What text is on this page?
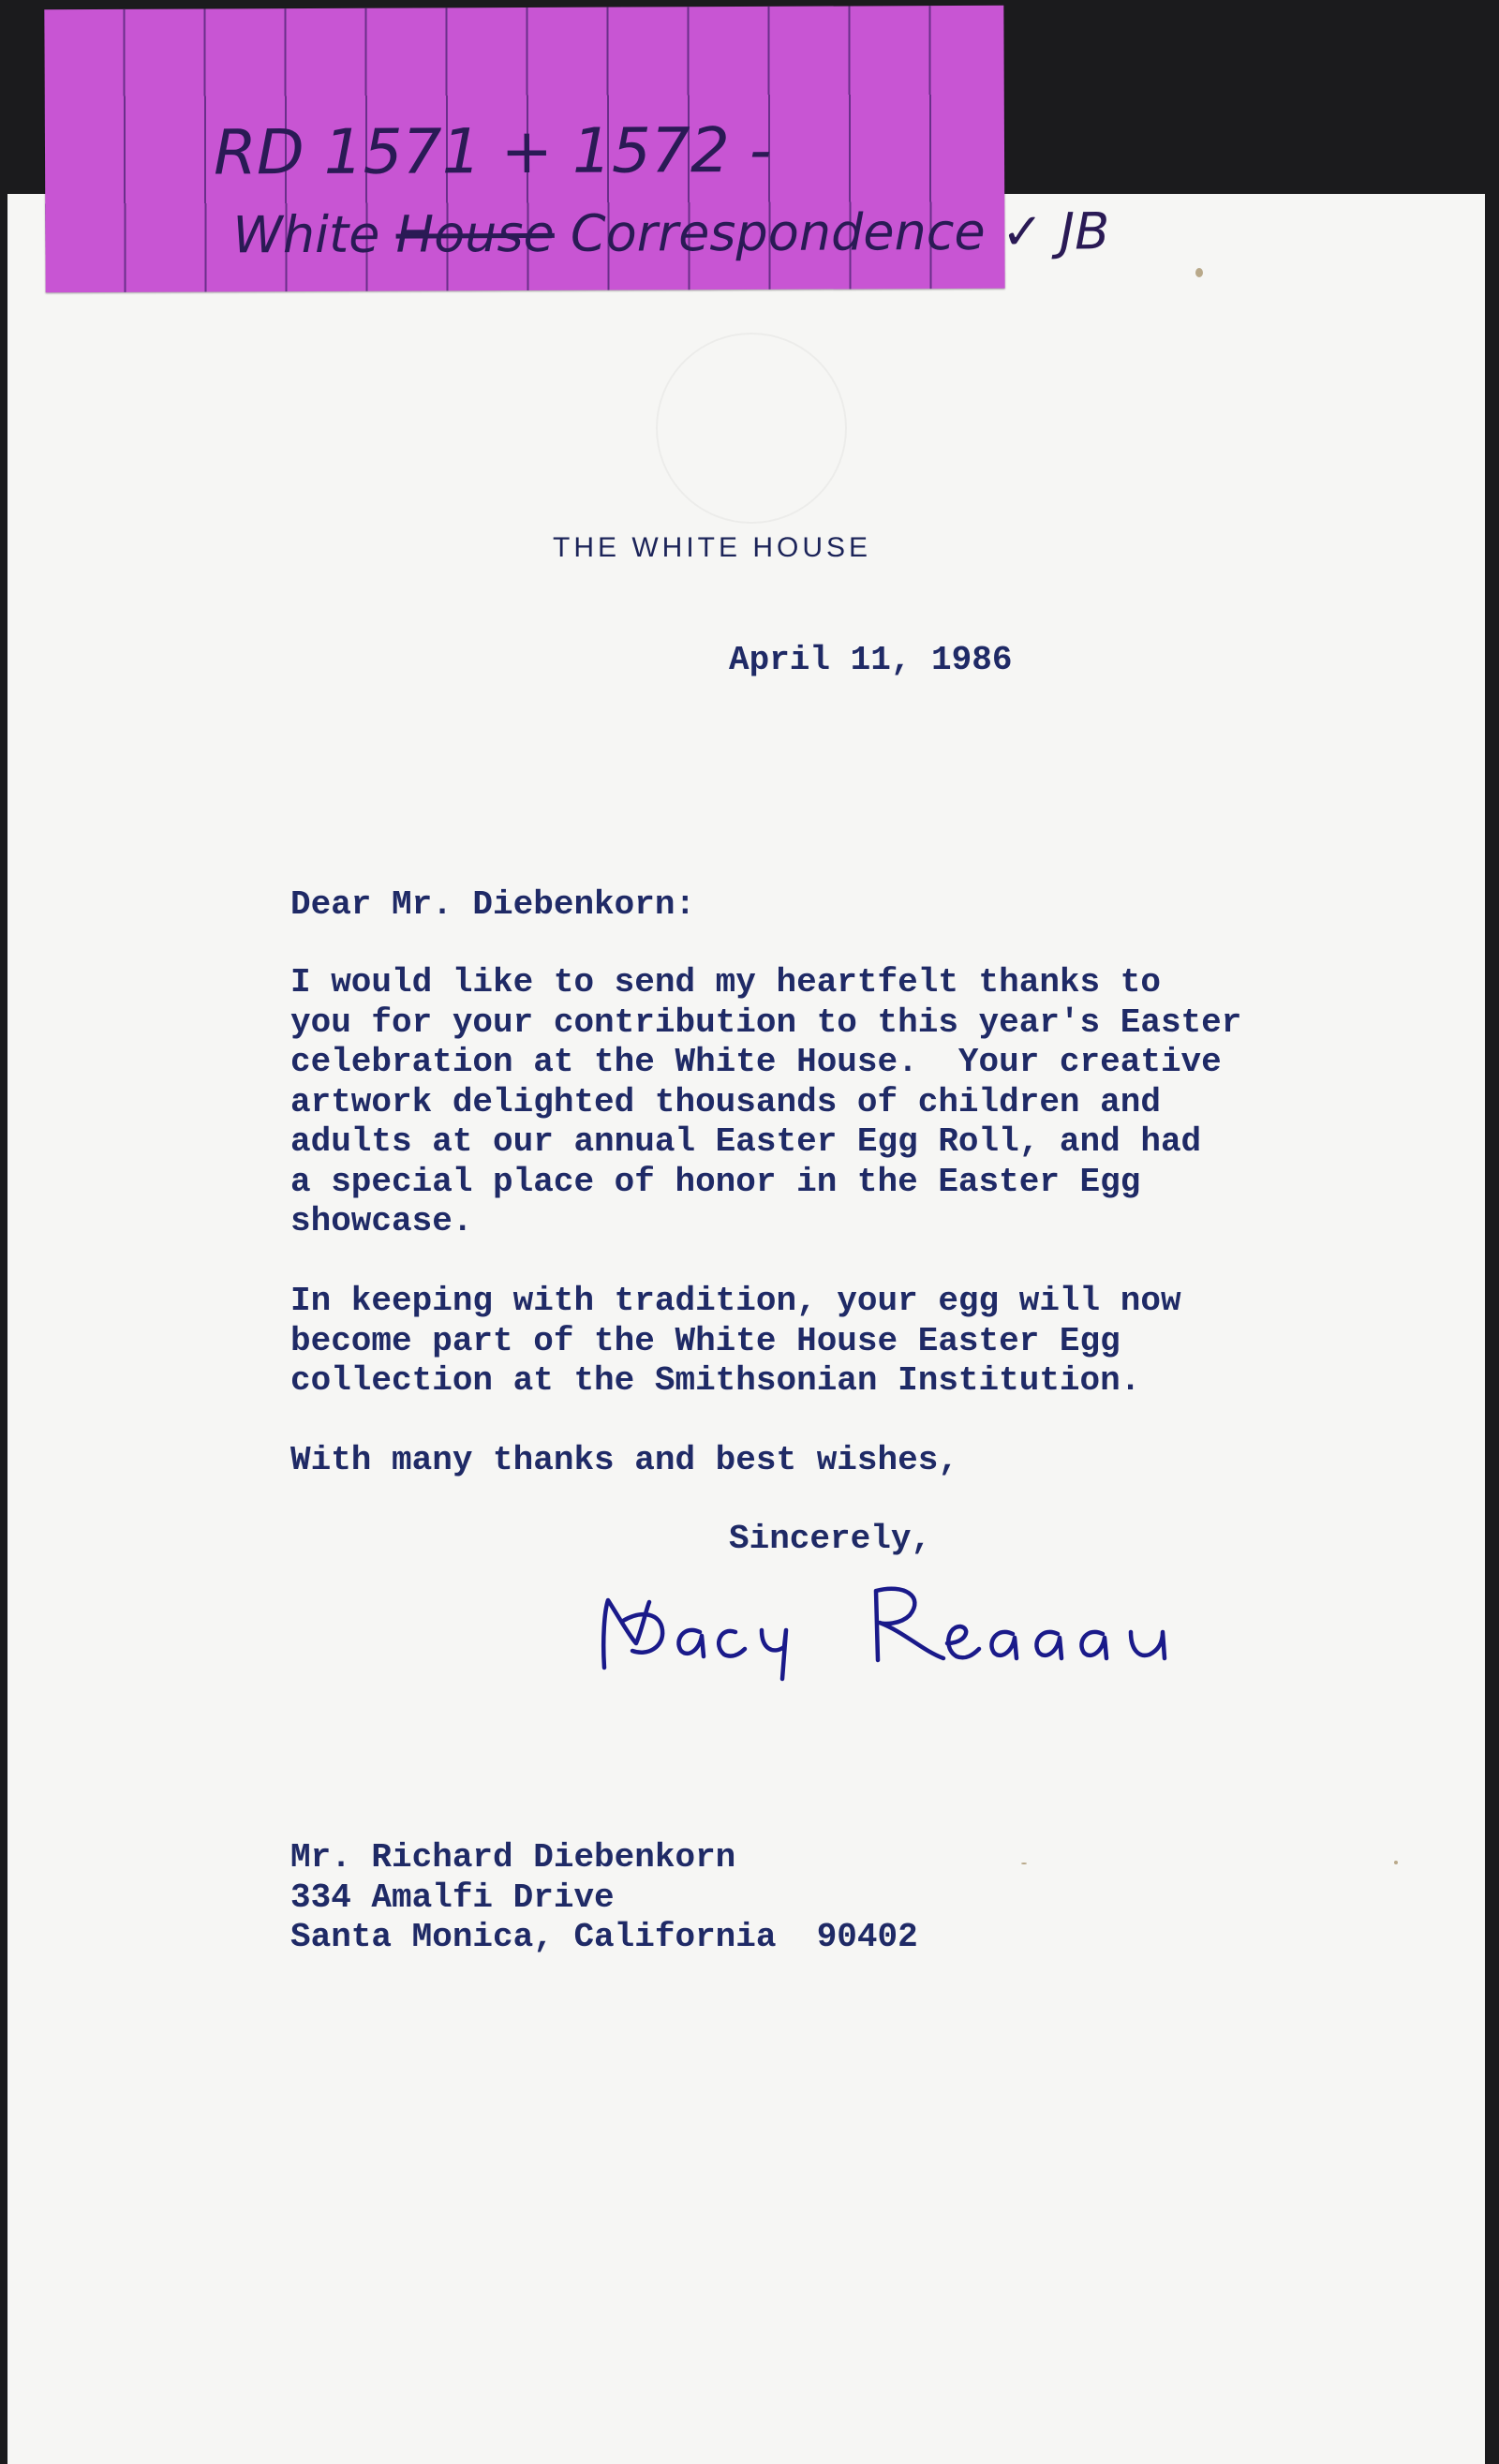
RD 1571 + 1572 -
White House Correspondence ✓ JB
THE WHITE HOUSE
April 11, 1986
Dear Mr. Diebenkorn:
I would like to send my heartfelt thanks to
you for your contribution to this year's Easter
celebration at the White House.  Your creative
artwork delighted thousands of children and
adults at our annual Easter Egg Roll, and had
a special place of honor in the Easter Egg
showcase.
In keeping with tradition, your egg will now
become part of the White House Easter Egg
collection at the Smithsonian Institution.
With many thanks and best wishes,
Sincerely,
Mr. Richard Diebenkorn
334 Amalfi Drive
Santa Monica, California  90402
